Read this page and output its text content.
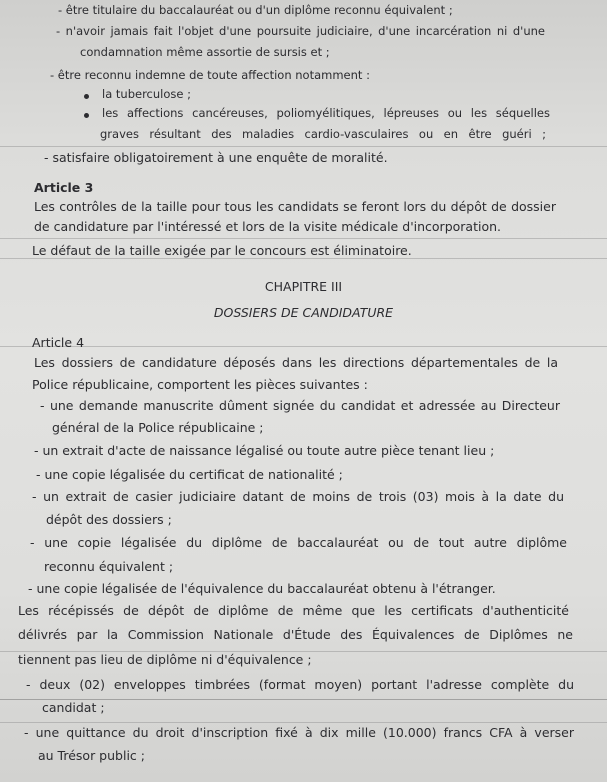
- être titulaire du baccalauréat ou d'un diplôme reconnu équivalent ;
- n'avoir jamais fait l'objet d'une poursuite judiciaire, d'une incarcération ni d'une
condamnation même assortie de sursis et ;
- être reconnu indemne de toute affection notamment :
la tuberculose ;
les affections cancéreuses, poliomyélitiques, lépreuses ou les séquelles
graves résultant des maladies cardio-vasculaires ou en être guéri ;
- satisfaire obligatoirement à une enquête de moralité.
Article 3
Les contrôles de la taille pour tous les candidats se feront lors du dépôt de dossier
de candidature par l'intéressé et lors de la visite médicale d'incorporation.
Le défaut de la taille exigée par le concours est éliminatoire.
CHAPITRE III
DOSSIERS DE CANDIDATURE
Article 4
Les dossiers de candidature déposés dans les directions départementales de la
Police républicaine, comportent les pièces suivantes :
- une demande manuscrite dûment signée du candidat et adressée au Directeur
général de la Police républicaine ;
- un extrait d'acte de naissance légalisé ou toute autre pièce tenant lieu ;
- une copie légalisée du certificat de nationalité ;
- un extrait de casier judiciaire datant de moins de trois (03) mois à la date du
dépôt des dossiers ;
- une copie légalisée du diplôme de baccalauréat ou de tout autre diplôme
reconnu équivalent ;
- une copie légalisée de l'équivalence du baccalauréat obtenu à l'étranger.
Les récépissés de dépôt de diplôme de même que les certificats d'authenticité
délivrés par la Commission Nationale d'Étude des Équivalences de Diplômes ne
tiennent pas lieu de diplôme ni d'équivalence ;
- deux (02) enveloppes timbrées (format moyen) portant l'adresse complète du
candidat ;
- une quittance du droit d'inscription fixé à dix mille (10.000) francs CFA à verser
au Trésor public ;
